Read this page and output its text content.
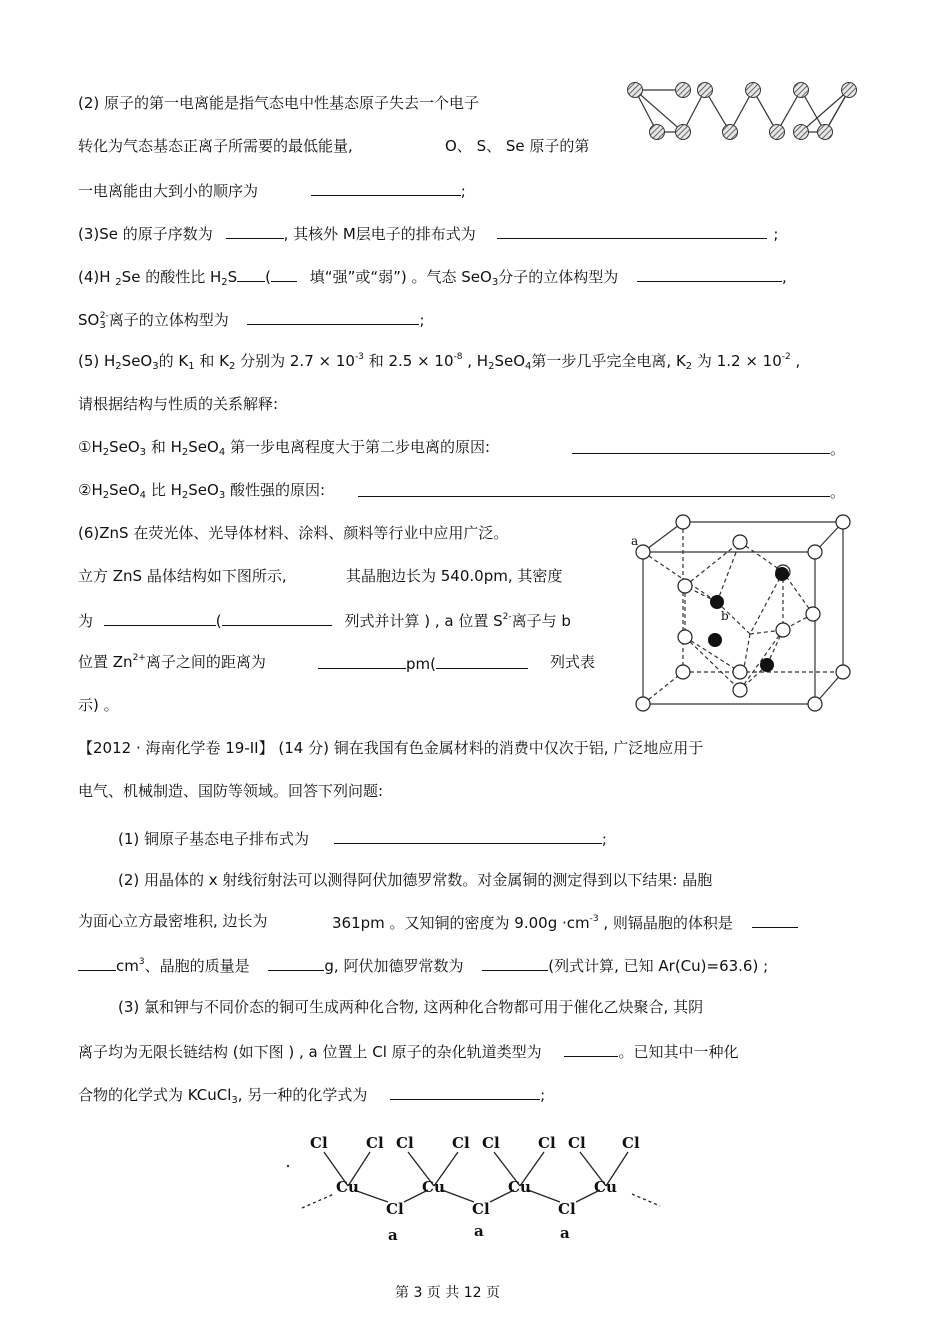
(2) 原子的第一电离能是指气态电中性基态原子失去一个电子
转化为气态基态正离子所需要的最低能量,	O、 S、 Se 原子的第
一电离能由大到小的顺序为	;
(3)Se 的原子序数为	, 其核外 M层电子的排布式为	;
(4)H $_2$Se 的酸性比 $H_2S$ (	填“强”或“弱”) 。气态 SeO$_3$分子的立体构型为	,
$SO_3^{2-}$离子的立体构型为	;
(5) $H_2SeO_3$的 $K_1$ 和 $K_2$ 分别为 $2.7 \times 10^{-3}$ 和 $2.5 \times 10^{-8}$ , $H_2SeO_4$第一步几乎完全电离, $K_2$ 为 $1.2 \times 10^{-2}$ ,
请根据结构与性质的关系解释:
$①H_2SeO_3$ 和 $H_2SeO_4$ 第一步电离程度大于第二步电离的原因:	。
$②H_2SeO_4$ 比 $H_2SeO_3$ 酸性强的原因:	。
(6)ZnS 在荧光体、光导体材料、涂料、颜料等行业中应用广泛。
立方 ZnS 晶体结构如下图所示,	其晶胞边长为 540.0pm, 其密度
为	(	列式并计算 ) , a 位置 $S^{2-}$离子与 b
位置 $Zn^{2+}$离子之间的距离为	pm(	列式表
示) 。
a
b
【2012 · 海南化学卷 19-II】 (14 分) 铜在我国有色金属材料的消费中仅次于铝, 广泛地应用于
电气、机械制造、国防等领域。回答下列问题:
(1) 铜原子基态电子排布式为	;
(2) 用晶体的 x 射线衍射法可以测得阿伏加德罗常数。对金属铜的测定得到以下结果: 晶胞
为面心立方最密堆积, 边长为	361pm 。又知铜的密度为 $9.00g \cdot cm^{-3}$ , 则镉晶胞的体积是
$cm^3$、晶胞的质量是	g, 阿伏加德罗常数为	(列式计算, 已知 Ar(Cu)=63.6) ;
(3) 氯和钾与不同价态的铜可生成两种化合物, 这两种化合物都可用于催化乙炔聚合, 其阴
离子均为无限长链结构 (如下图 ) , a 位置上 Cl 原子的杂化轨道类型为	。已知其中一种化
合物的化学式为 KCuCl$_3$, 另一种的化学式为	;
Cl	Cl Cl	Cl Cl	Cl Cl Cl
Cu	Cu	Cu	Cu
Cl	Cl	Cl
a	a	a
第 3 页 共 12 页
